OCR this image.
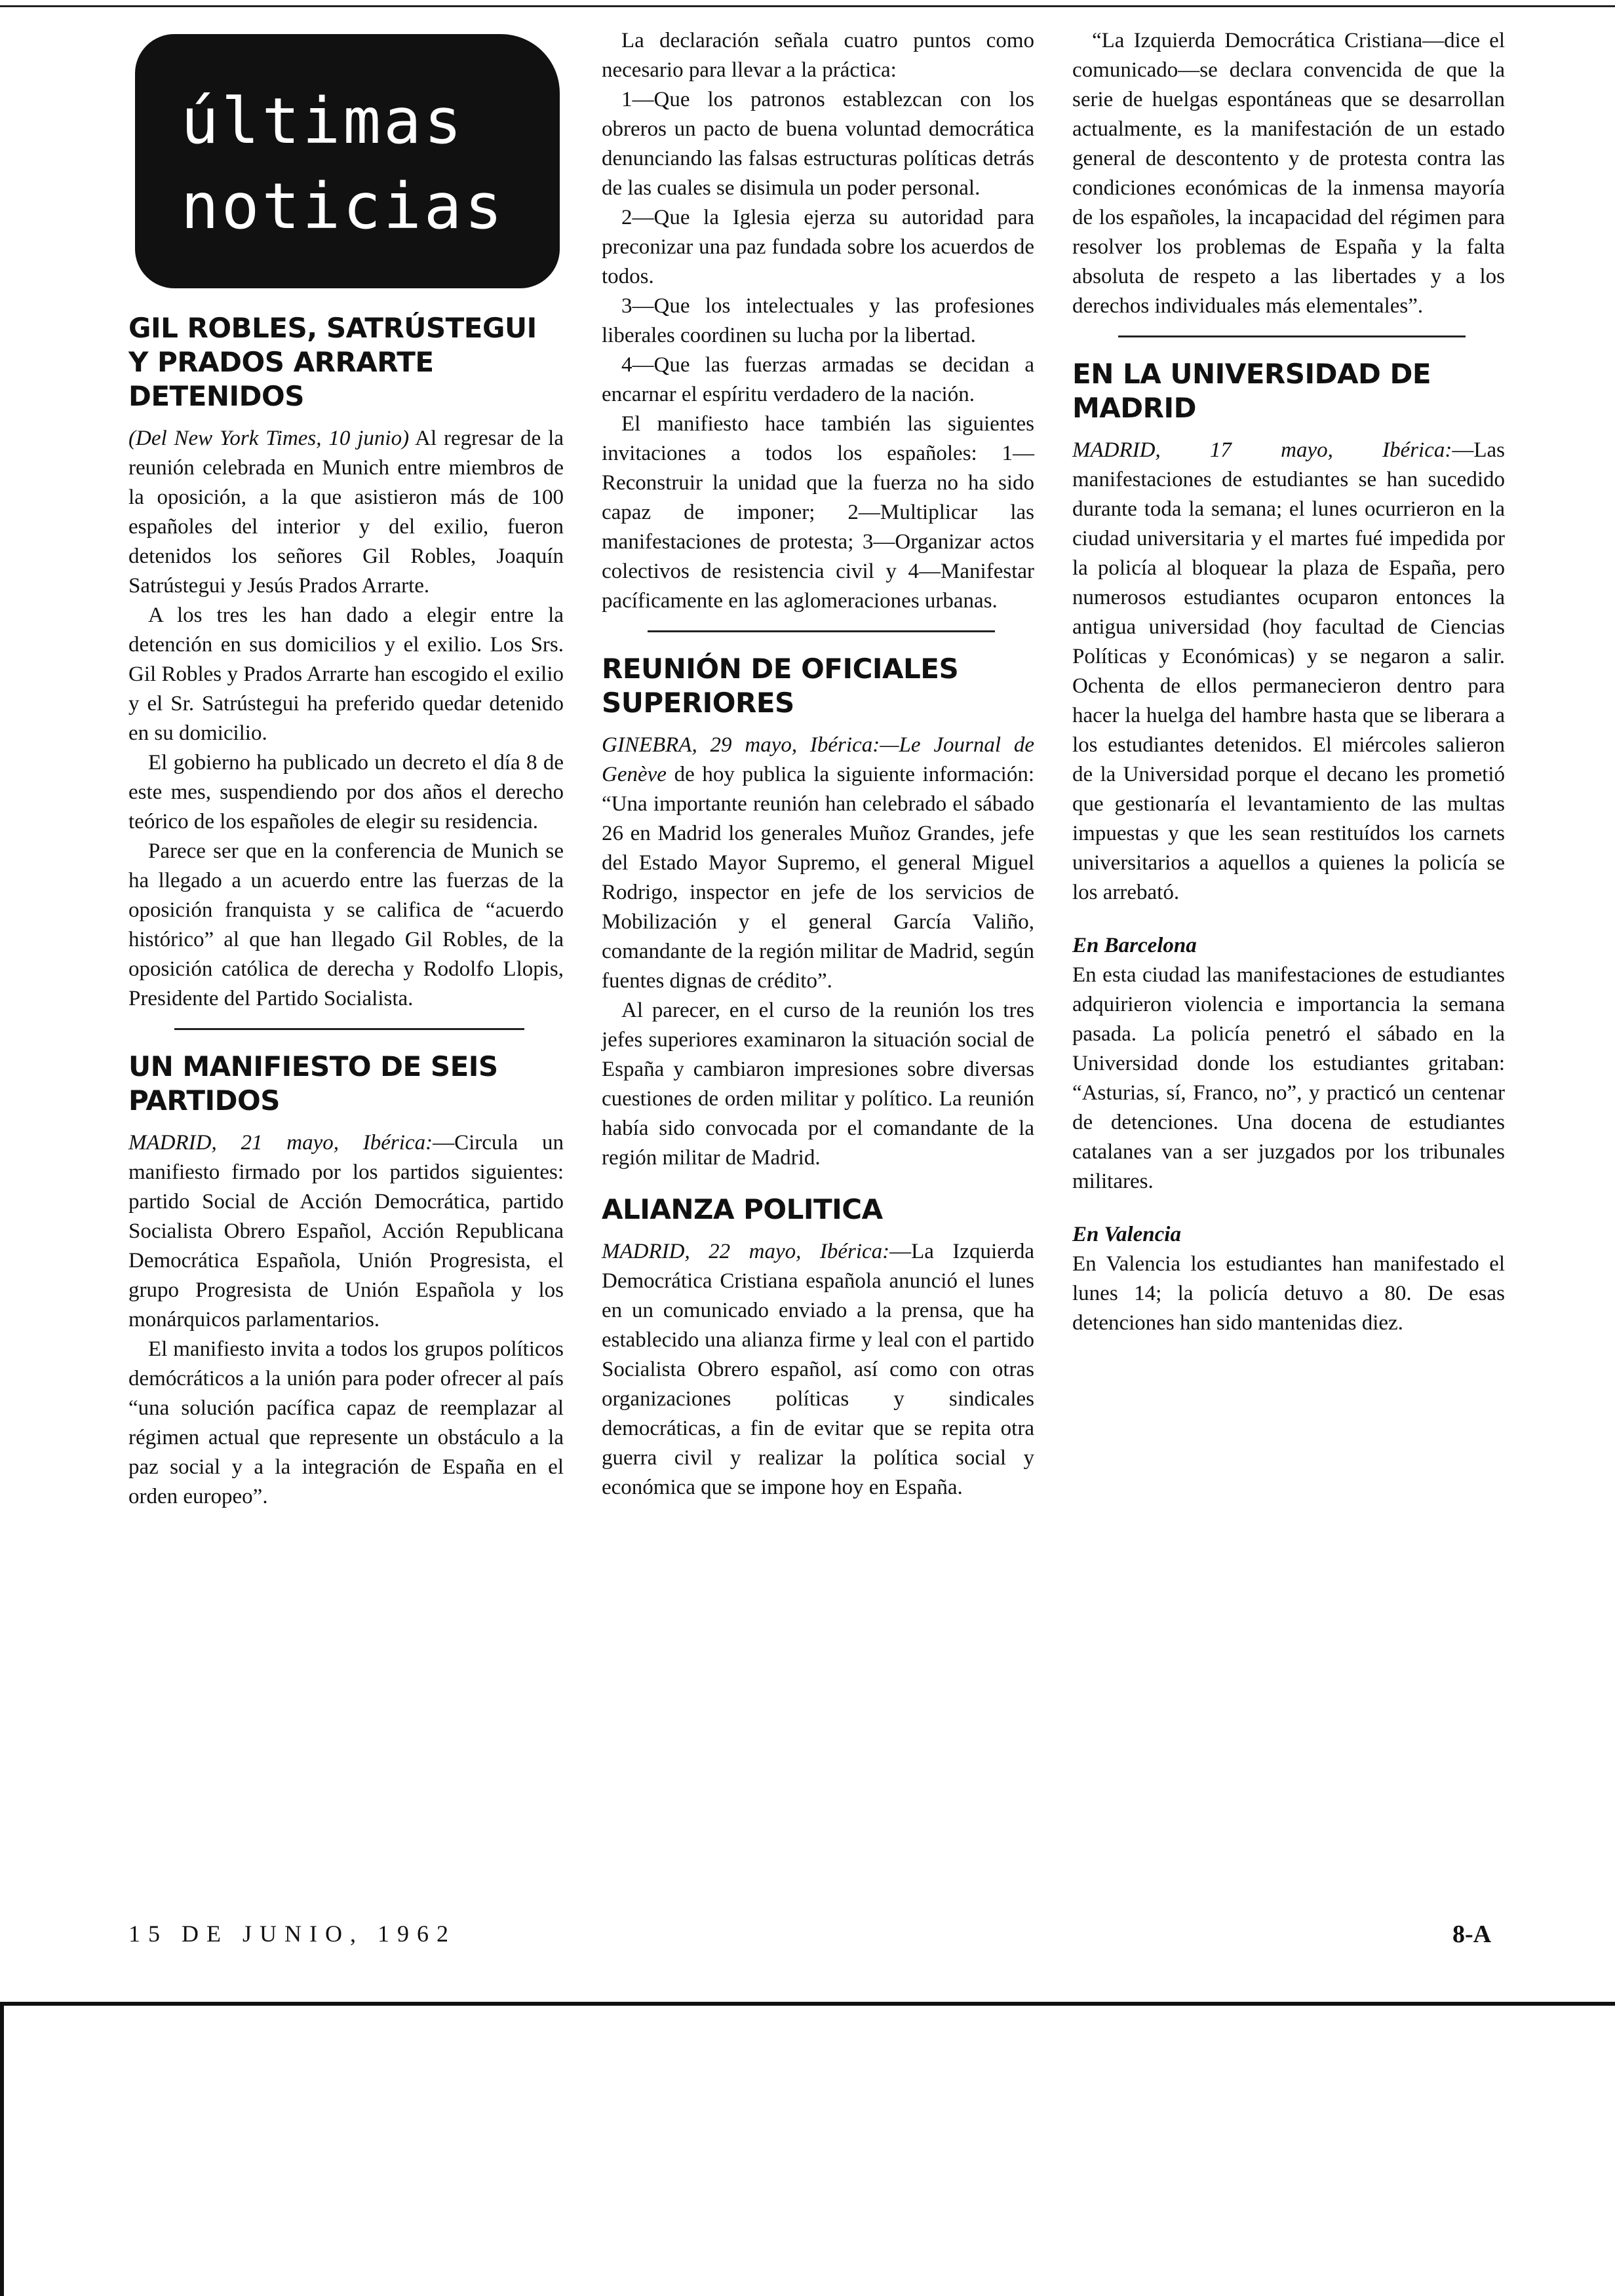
últimas
noticias
GIL ROBLES, SATRÚSTEGUI Y PRADOS ARRARTE DETENIDOS

(Del New York Times, 10 junio) Al regresar de la reunión celebrada en Munich entre miembros de la oposición, a la que asistieron más de 100 españoles del interior y del exilio, fueron detenidos los señores Gil Robles, Joaquín Satrústegui y Jesús Prados Arrarte.

A los tres les han dado a elegir entre la detención en sus domicilios y el exilio. Los Srs. Gil Robles y Prados Arrarte han escogido el exilio y el Sr. Satrústegui ha preferido quedar detenido en su domicilio.

El gobierno ha publicado un decreto el día 8 de este mes, suspendiendo por dos años el derecho teórico de los españoles de elegir su residencia.

Parece ser que en la conferencia de Munich se ha llegado a un acuerdo entre las fuerzas de la oposición franquista y se califica de “acuerdo histórico” al que han llegado Gil Robles, de la oposición católica de derecha y Rodolfo Llopis, Presidente del Partido Socialista.

UN MANIFIESTO DE SEIS PARTIDOS

MADRID, 21 mayo, Ibérica:—Circula un manifiesto firmado por los partidos siguientes: partido Social de Acción Democrática, partido Socialista Obrero Español, Acción Republicana Democrática Española, Unión Progresista, el grupo Progresista de Unión Española y los monárquicos parlamentarios.

El manifiesto invita a todos los grupos políticos demócráticos a la unión para poder ofrecer al país “una solución pacífica capaz de reemplazar al régimen actual que represente un obstáculo a la paz social y a la integración de España en el orden europeo”.

La declaración señala cuatro puntos como necesario para llevar a la práctica:

1—Que los patronos establezcan con los obreros un pacto de buena voluntad democrática denunciando las falsas estructuras políticas detrás de las cuales se disimula un poder personal.

2—Que la Iglesia ejerza su autoridad para preconizar una paz fundada sobre los acuerdos de todos.

3—Que los intelectuales y las profesiones liberales coordinen su lucha por la libertad.

4—Que las fuerzas armadas se decidan a encarnar el espíritu verdadero de la nación.

El manifiesto hace también las siguientes invitaciones a todos los españoles: 1—Reconstruir la unidad que la fuerza no ha sido capaz de imponer; 2—Multiplicar las manifestaciones de protesta; 3—Organizar actos colectivos de resistencia civil y 4—Manifestar pacíficamente en las aglomeraciones urbanas.

REUNIÓN DE OFICIALES SUPERIORES

GINEBRA, 29 mayo, Ibérica:—Le Journal de Genève de hoy publica la siguiente información: “Una importante reunión han celebrado el sábado 26 en Madrid los generales Muñoz Grandes, jefe del Estado Mayor Supremo, el general Miguel Rodrigo, inspector en jefe de los servicios de Mobilización y el general García Valiño, comandante de la región militar de Madrid, según fuentes dignas de crédito”.

Al parecer, en el curso de la reunión los tres jefes superiores examinaron la situación social de España y cambiaron impresiones sobre diversas cuestiones de orden militar y político. La reunión había sido convocada por el comandante de la región militar de Madrid.

ALIANZA POLITICA

MADRID, 22 mayo, Ibérica:—La Izquierda Democrática Cristiana española anunció el lunes en un comunicado enviado a la prensa, que ha establecido una alianza firme y leal con el partido Socialista Obrero español, así como con otras organizaciones políticas y sindicales democráticas, a fin de evitar que se repita otra guerra civil y realizar la política social y económica que se impone hoy en España.

“La Izquierda Democrática Cristiana—dice el comunicado—se declara convencida de que la serie de huelgas espontáneas que se desarrollan actualmente, es la manifestación de un estado general de descontento y de protesta contra las condiciones económicas de la inmensa mayoría de los españoles, la incapacidad del régimen para resolver los problemas de España y la falta absoluta de respeto a las libertades y a los derechos individuales más elementales”.

EN LA UNIVERSIDAD DE MADRID

MADRID, 17 mayo, Ibérica:—Las manifestaciones de estudiantes se han sucedido durante toda la semana; el lunes ocurrieron en la ciudad universitaria y el martes fué impedida por la policía al bloquear la plaza de España, pero numerosos estudiantes ocuparon entonces la antigua universidad (hoy facultad de Ciencias Políticas y Económicas) y se negaron a salir. Ochenta de ellos permanecieron dentro para hacer la huelga del hambre hasta que se liberara a los estudiantes detenidos. El miércoles salieron de la Universidad porque el decano les prometió que gestionaría el levantamiento de las multas impuestas y que les sean restituídos los carnets universitarios a aquellos a quienes la policía se los arrebató.

En Barcelona

En esta ciudad las manifestaciones de estudiantes adquirieron violencia e importancia la semana pasada. La policía penetró el sábado en la Universidad donde los estudiantes gritaban: “Asturias, sí, Franco, no”, y practicó un centenar de detenciones. Una docena de estudiantes catalanes van a ser juzgados por los tribunales militares.

En Valencia

En Valencia los estudiantes han manifestado el lunes 14; la policía detuvo a 80. De esas detenciones han sido mantenidas diez.

15 DE JUNIO, 1962	8-A
